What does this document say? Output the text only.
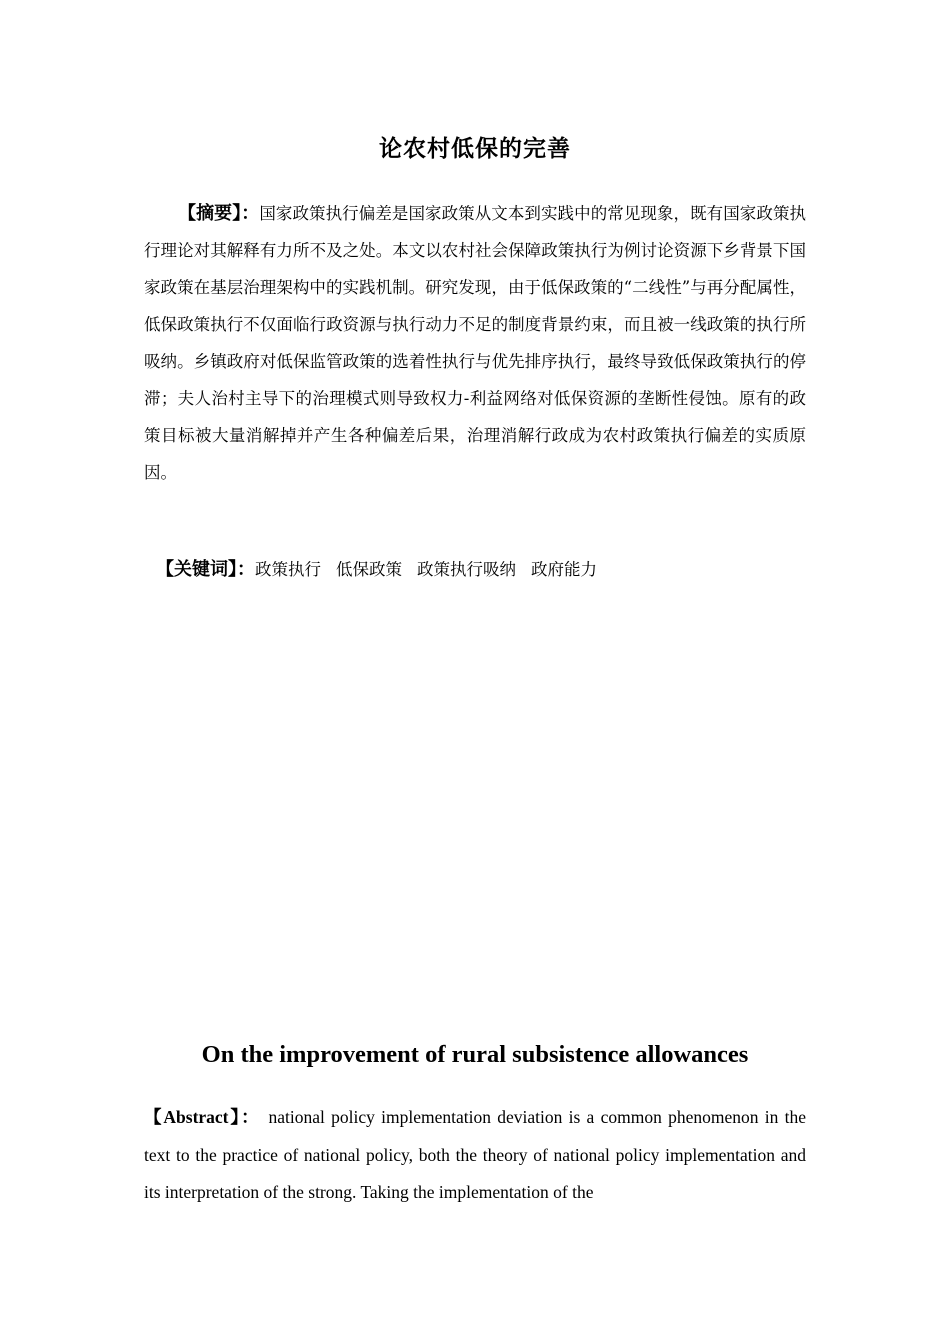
论农村低保的完善

【摘要】：国家政策执行偏差是国家政策从文本到实践中的常见现象，既有国家政策执行理论对其解释有力所不及之处。本文以农村社会保障政策执行为例讨论资源下乡背景下国家政策在基层治理架构中的实践机制。研究发现，由于低保政策的“二线性”与再分配属性，低保政策执行不仅面临行政资源与执行动力不足的制度背景约束，而且被一线政策的执行所吸纳。乡镇政府对低保监管政策的选着性执行与优先排序执行，最终导致低保政策执行的停滞；夫人治村主导下的治理模式则导致权力-利益网络对低保资源的垄断性侵蚀。原有的政策目标被大量消解掉并产生各种偏差后果，治理消解行政成为农村政策执行偏差的实质原因。

【关键词】：政策执行 低保政策 政策执行吸纳 政府能力
On the improvement of rural subsistence allowances

【Abstract】： national policy implementation deviation is a common phenomenon in the text to the practice of national policy, both the theory of national policy implementation and its interpretation of the strong. Taking the implementation of the
